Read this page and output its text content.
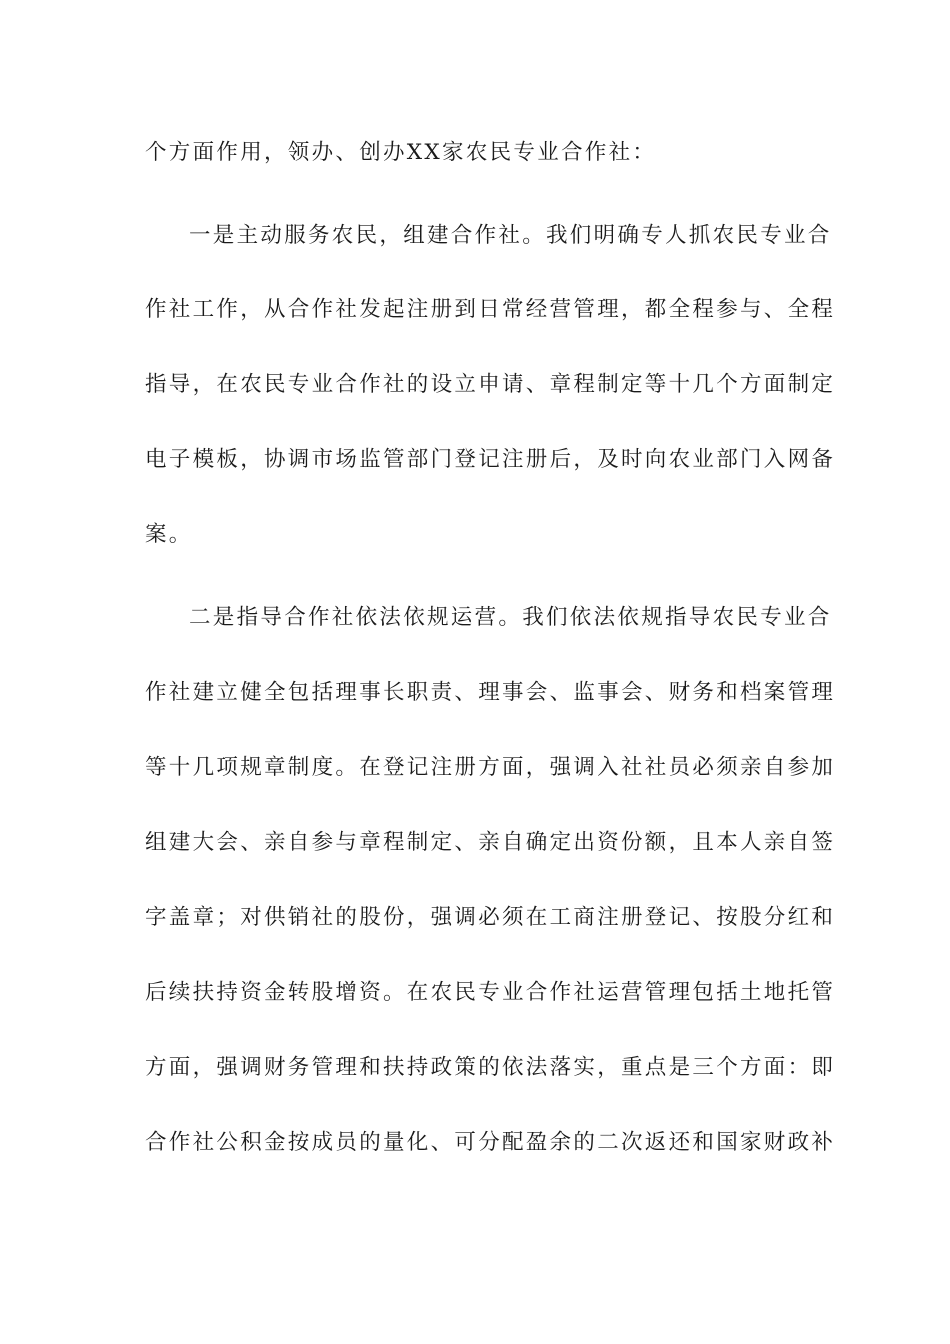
个方面作用，领办、创办XX家农民专业合作社：
一是主动服务农民，组建合作社。我们明确专人抓农民专业合
作社工作，从合作社发起注册到日常经营管理，都全程参与、全程
指导，在农民专业合作社的设立申请、章程制定等十几个方面制定
电子模板，协调市场监管部门登记注册后，及时向农业部门入网备
案。
二是指导合作社依法依规运营。我们依法依规指导农民专业合
作社建立健全包括理事长职责、理事会、监事会、财务和档案管理
等十几项规章制度。在登记注册方面，强调入社社员必须亲自参加
组建大会、亲自参与章程制定、亲自确定出资份额，且本人亲自签
字盖章；对供销社的股份，强调必须在工商注册登记、按股分红和
后续扶持资金转股增资。在农民专业合作社运营管理包括土地托管
方面，强调财务管理和扶持政策的依法落实，重点是三个方面：即
合作社公积金按成员的量化、可分配盈余的二次返还和国家财政补
